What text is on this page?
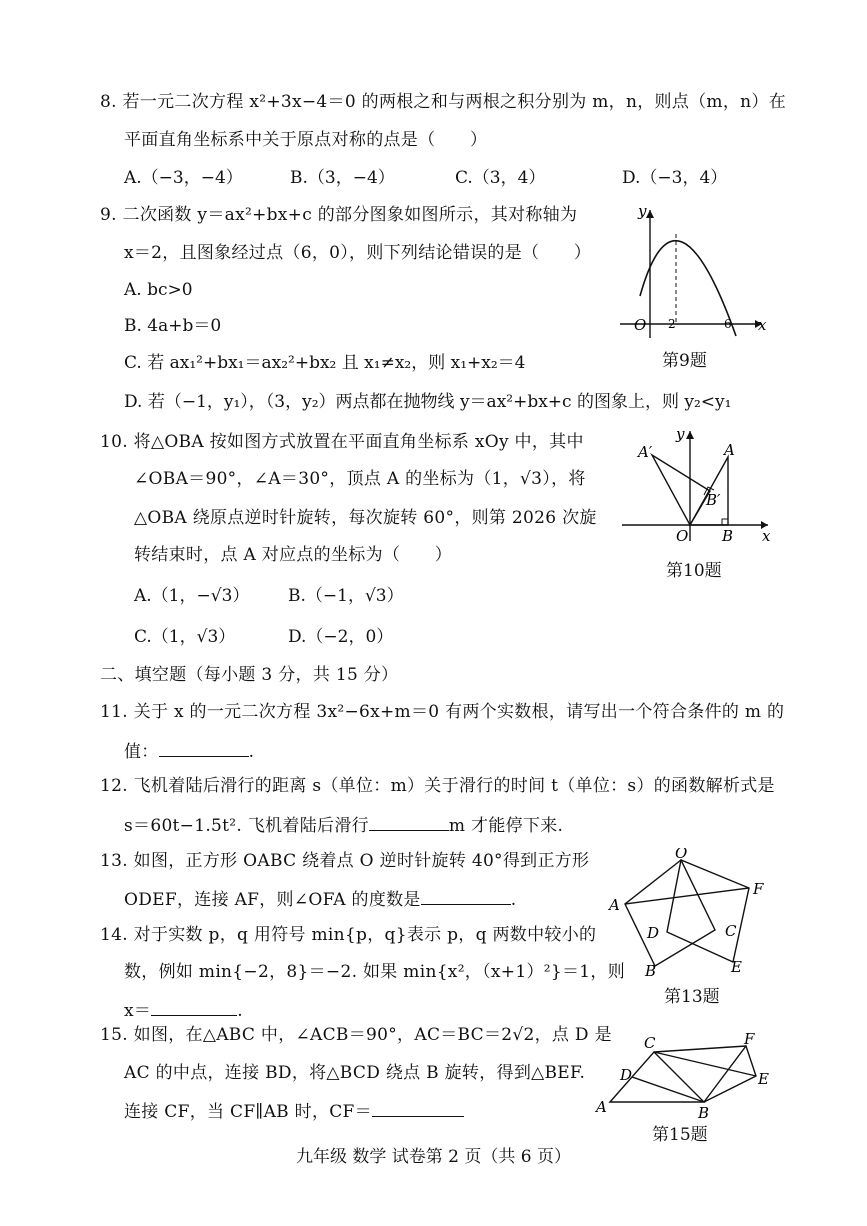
8. 若一元二次方程 x²+3x−4＝0 的两根之和与两根之积分别为 m，n，则点（m，n）在
平面直角坐标系中关于原点对称的点是（　　）
A.（−3，−4）	B.（3，−4）	C.（3，4）	D.（−3，4）
9. 二次函数 y＝ax²+bx+c 的部分图象如图所示，其对称轴为
x＝2，且图象经过点（6，0），则下列结论错误的是（　　）
A. bc>0
B. 4a+b＝0
C. 若 ax₁²+bx₁＝ax₂²+bx₂ 且 x₁≠x₂，则 x₁+x₂＝4
D. 若（−1，y₁），（3，y₂）两点都在抛物线 y＝ax²+bx+c 的图象上，则 y₂<y₁
y
x
O 2	6
第9题
10. 将△OBA 按如图方式放置在平面直角坐标系 xOy 中，其中
∠OBA＝90°，∠A＝30°，顶点 A 的坐标为（1，√3），将
△OBA 绕原点逆时针旋转，每次旋转 60°，则第 2026 次旋
转结束时，点 A 对应点的坐标为（　　）
A.（1，−√3） B.（−1，√3）
C.（1，√3）	D.（−2，0）
y
x
O B
A
A′
B′
第10题
二、填空题（每小题 3 分，共 15 分）
11. 关于 x 的一元二次方程 3x²−6x+m＝0 有两个实数根，请写出一个符合条件的 m 的
值：	.
12. 飞机着陆后滑行的距离 s（单位：m）关于滑行的时间 t（单位：s）的函数解析式是
s＝60t−1.5t². 飞机着陆后滑行	m 才能停下来.
13. 如图，正方形 OABC 绕着点 O 逆时针旋转 40°得到正方形
ODEF，连接 AF，则∠OFA 的度数是	.
O
A
F
D	C
B	E
第13题
14. 对于实数 p，q 用符号 min{p，q}表示 p，q 两数中较小的
数，例如 min{−2，8}＝−2. 如果 min{x²，（x+1）²}＝1，则
x＝	.
15. 如图，在△ABC 中，∠ACB＝90°，AC＝BC＝2√2，点 D 是
AC 的中点，连接 BD，将△BCD 绕点 B 旋转，得到△BEF.
连接 CF，当 CF∥AB 时，CF＝
C	F
D	E
A	B
第15题
九年级 数学 试卷第 2 页（共 6 页）
